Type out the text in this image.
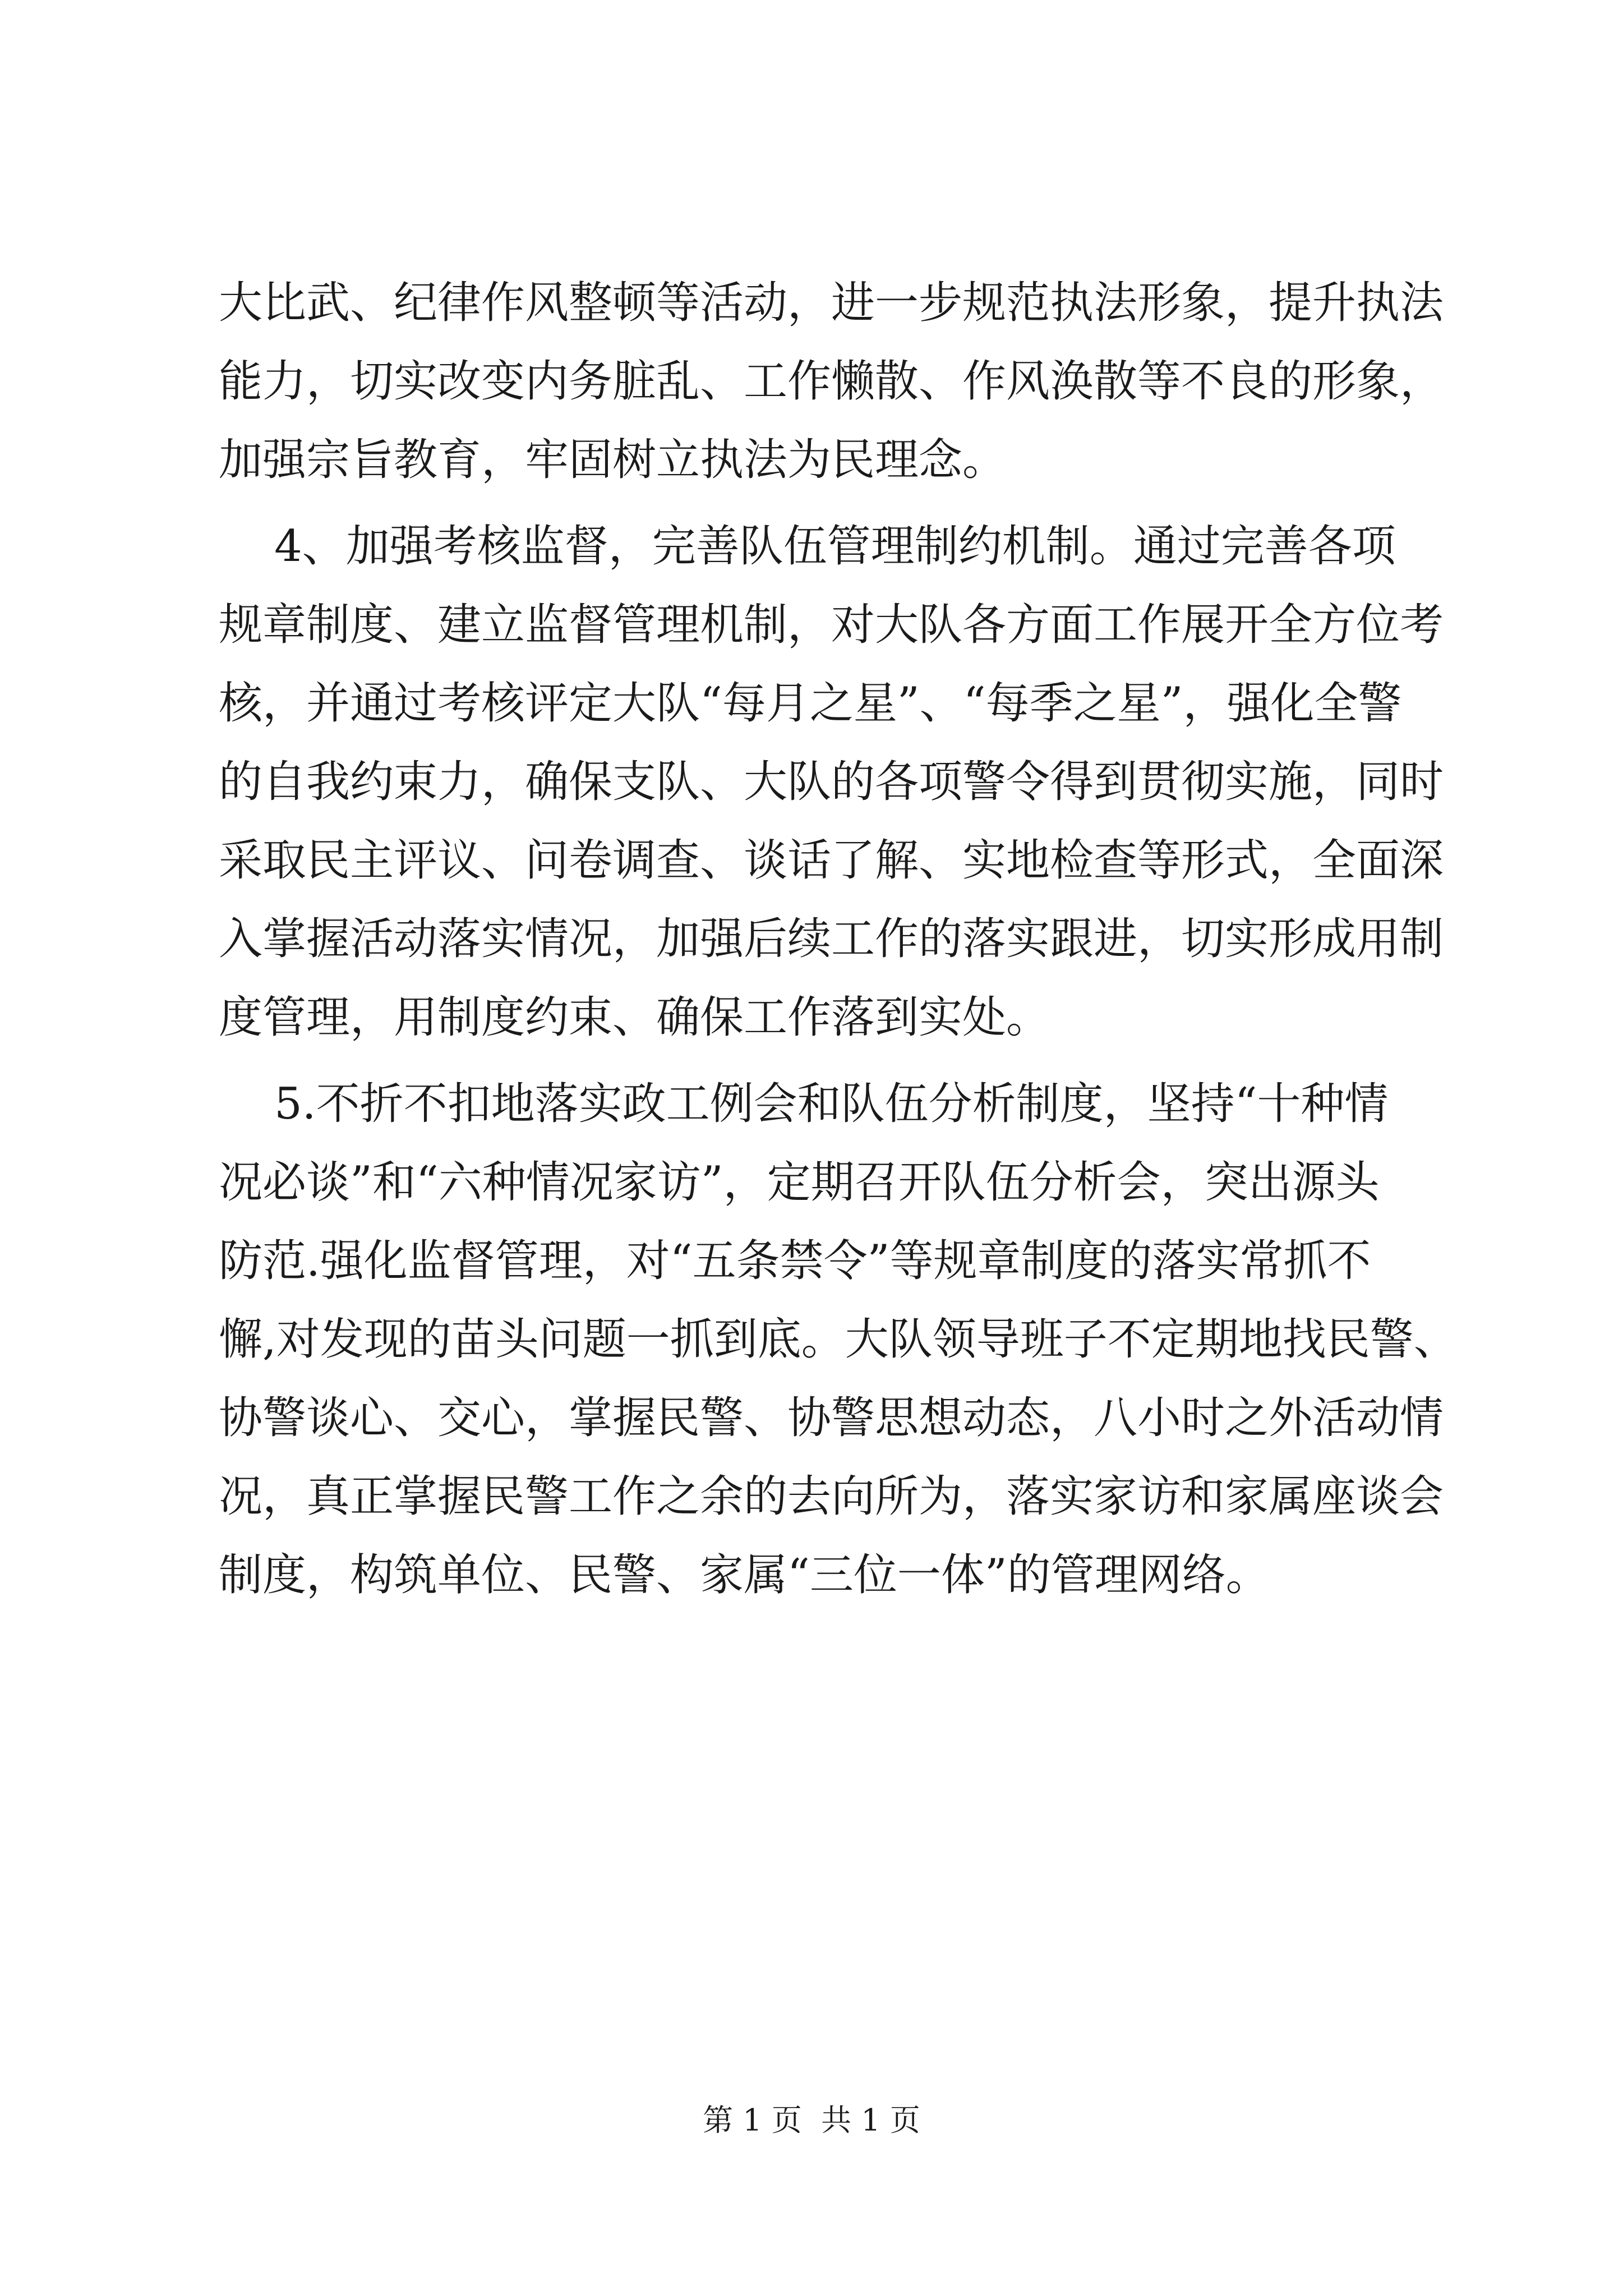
大比武、纪律作风整顿等活动，进一步规范执法形象，提升执法
能力，切实改变内务脏乱、工作懒散、作风涣散等不良的形象，
加强宗旨教育，牢固树立执法为民理念。
4、加强考核监督，完善队伍管理制约机制。通过完善各项
规章制度、建立监督管理机制，对大队各方面工作展开全方位考
核，并通过考核评定大队“每月之星”、“每季之星”，强化全警
的自我约束力，确保支队、大队的各项警令得到贯彻实施，同时
采取民主评议、问卷调查、谈话了解、实地检查等形式，全面深
入掌握活动落实情况，加强后续工作的落实跟进，切实形成用制
度管理，用制度约束、确保工作落到实处。
5.不折不扣地落实政工例会和队伍分析制度，坚持“十种情
况必谈”和“六种情况家访”，定期召开队伍分析会，突出源头
防范.强化监督管理，对“五条禁令”等规章制度的落实常抓不
懈,对发现的苗头问题一抓到底。大队领导班子不定期地找民警、
协警谈心、交心，掌握民警、协警思想动态，八小时之外活动情
况，真正掌握民警工作之余的去向所为，落实家访和家属座谈会
制度，构筑单位、民警、家属“三位一体”的管理网络。
第 1 页  共 1 页
